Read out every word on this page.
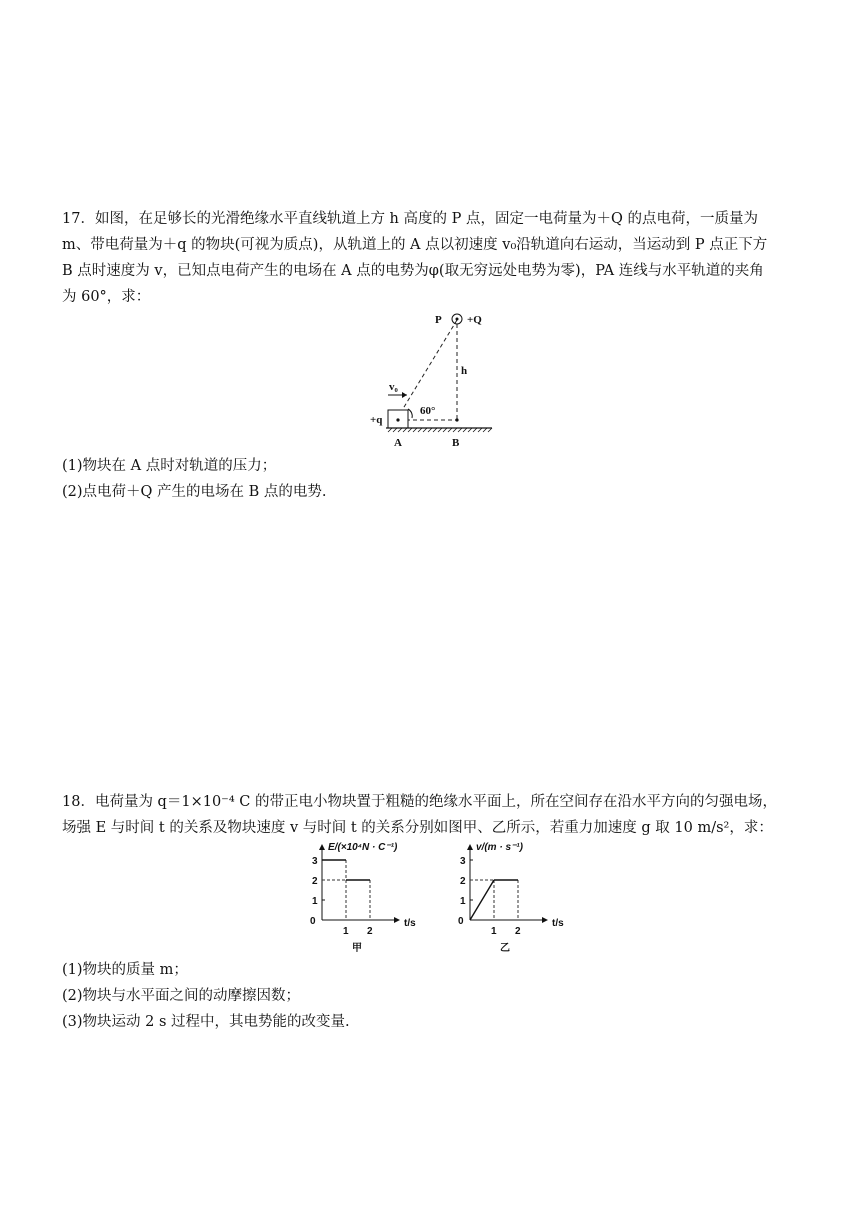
17．如图，在足够长的光滑绝缘水平直线轨道上方 h 高度的 P 点，固定一电荷量为＋Q 的点电荷，一质量为
m、带电荷量为＋q 的物块(可视为质点)，从轨道上的 A 点以初速度 v₀沿轨道向右运动，当运动到 P 点正下方
B 点时速度为 v，已知点电荷产生的电场在 A 点的电势为φ(取无穷远处电势为零)，PA 连线与水平轨道的夹角
为 60°，求：
P +Q
h
60°
v₀
+q
A	B
(1)物块在 A 点时对轨道的压力；
(2)点电荷＋Q 产生的电场在 B 点的电势.
18．电荷量为 q＝1×10⁻⁴ C 的带正电小物块置于粗糙的绝缘水平面上，所在空间存在沿水平方向的匀强电场，
场强 E 与时间 t 的关系及物块速度 v 与时间 t 的关系分别如图甲、乙所示，若重力加速度 g 取 10 m/s²，求：
E/(×10⁴N · C⁻¹)
t/s
0
1
2
3
1 2
甲
v/(m · s⁻¹)
t/s
0
1
2
3
1 2
乙
(1)物块的质量 m；
(2)物块与水平面之间的动摩擦因数；
(3)物块运动 2 s 过程中，其电势能的改变量.
